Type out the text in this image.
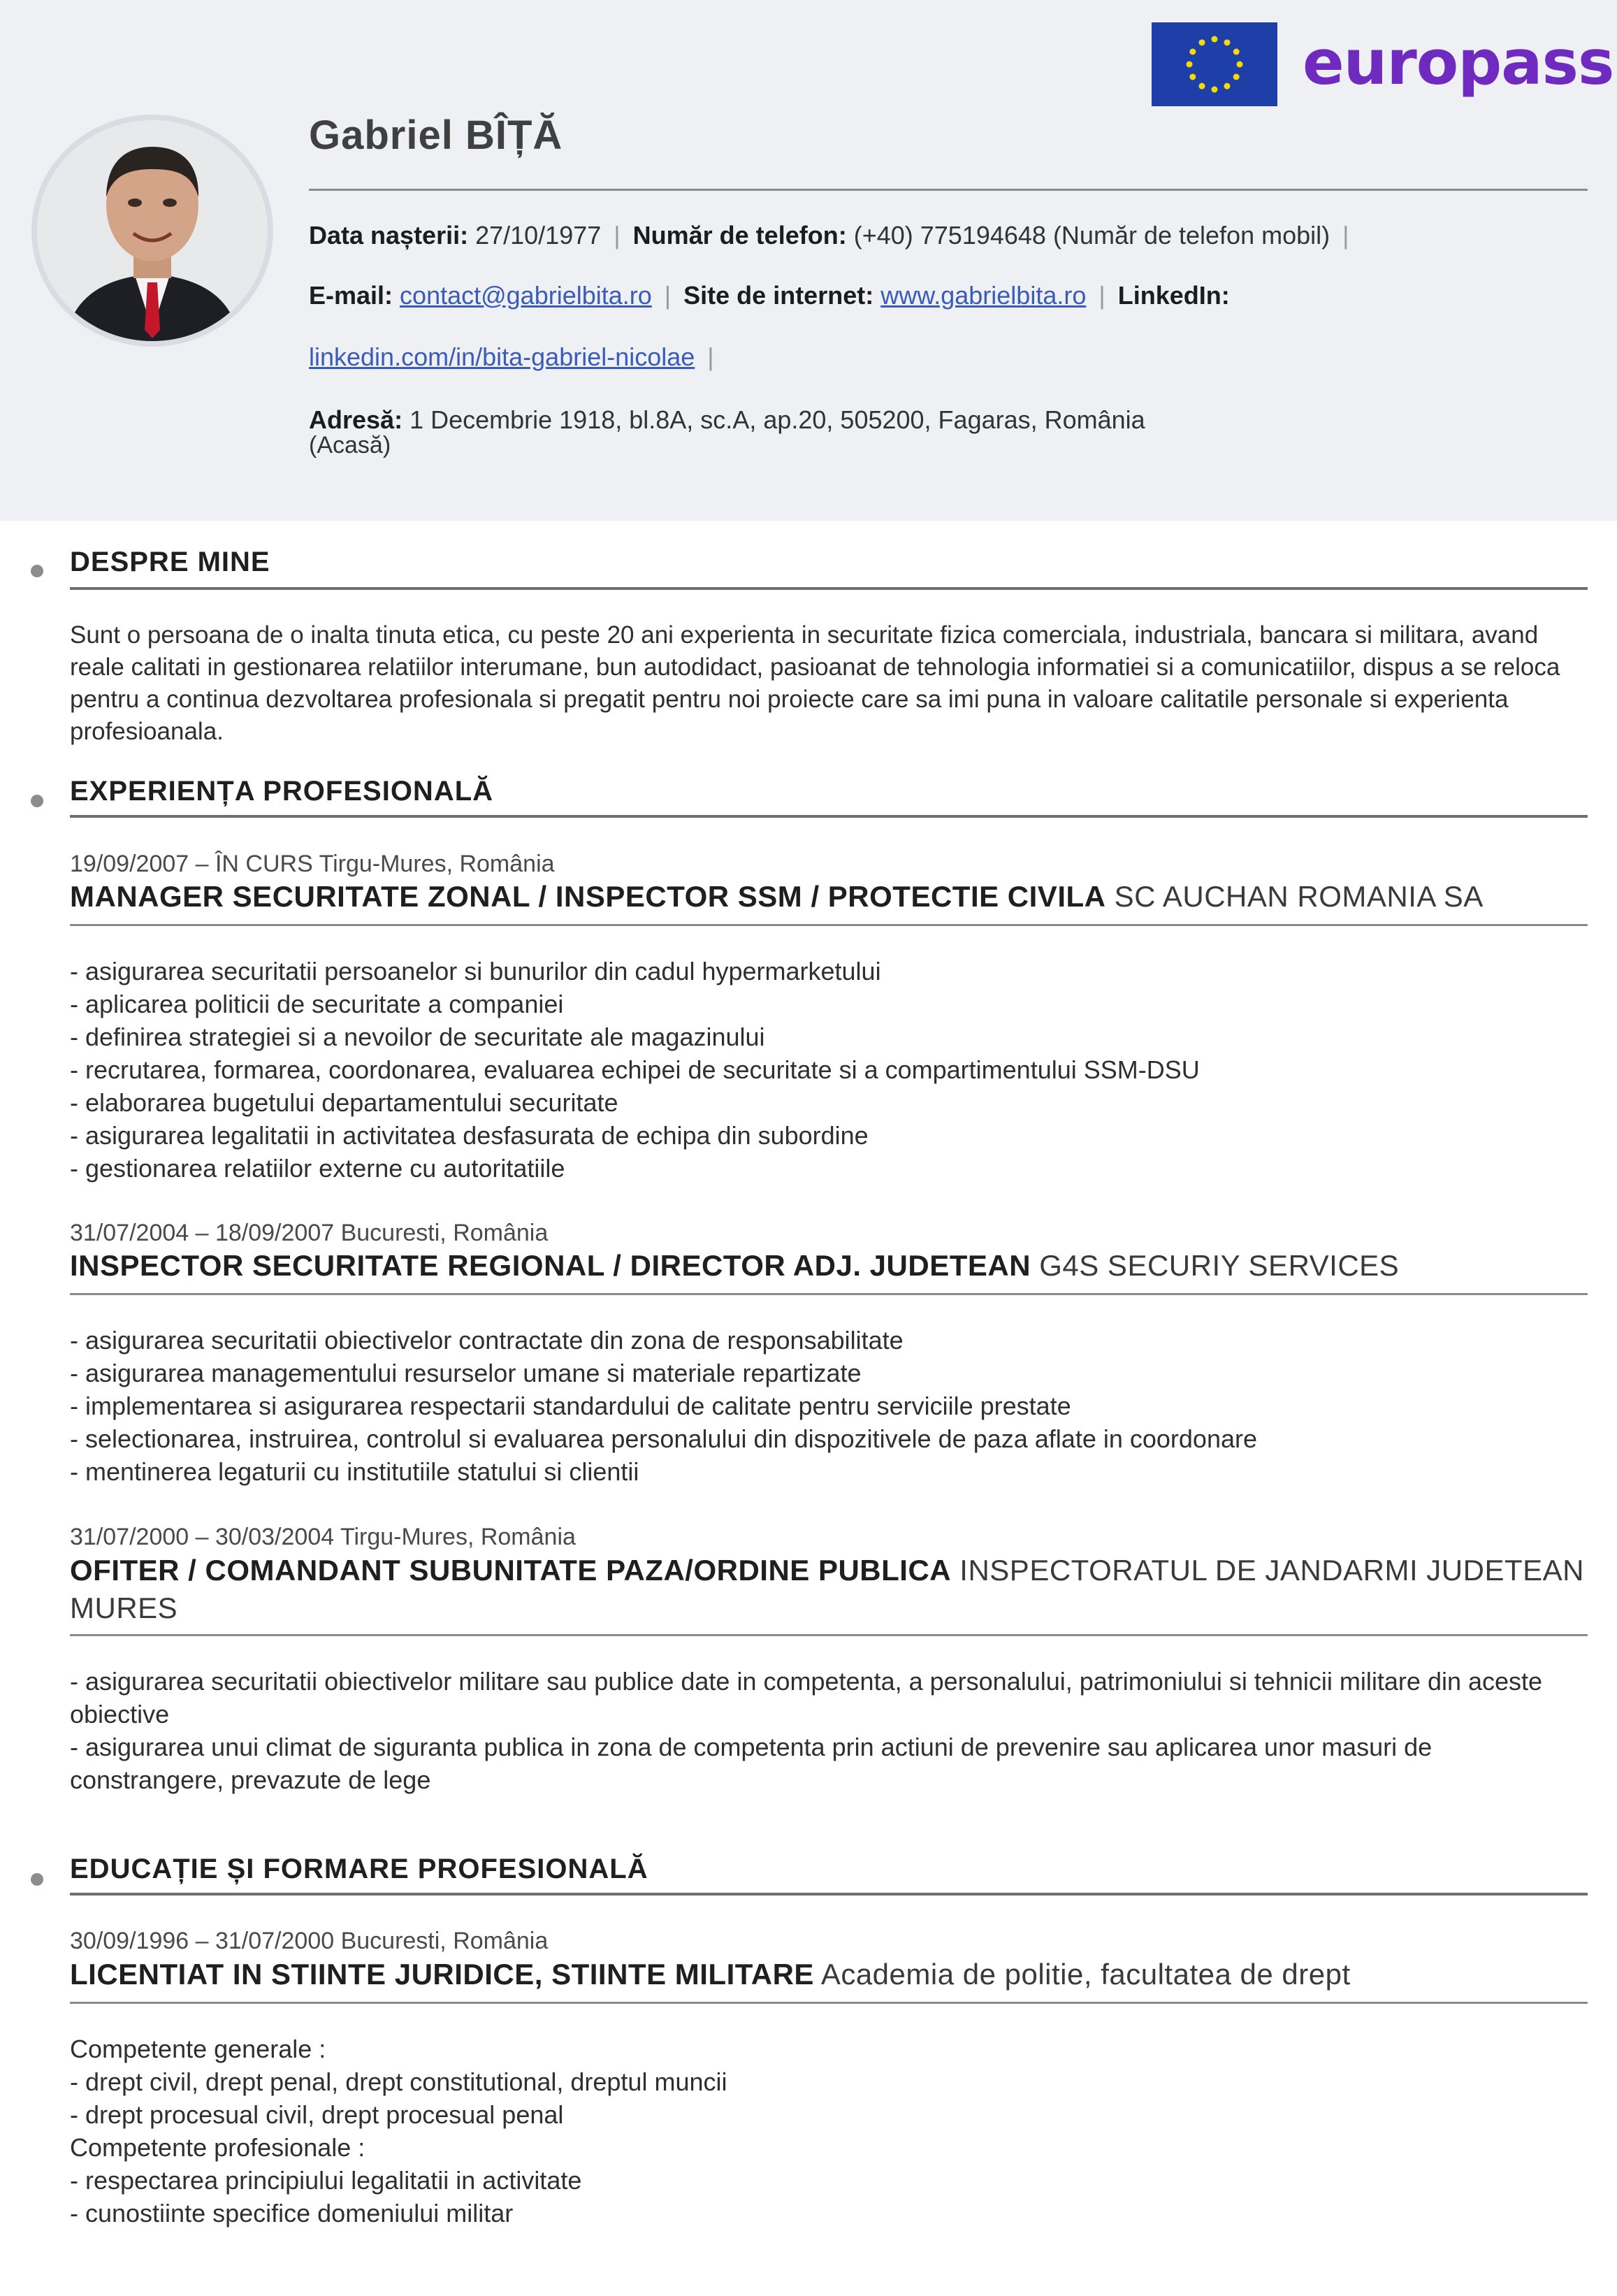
europass
Gabriel BÎȚĂ
Data nașterii: 27/10/1977 | Număr de telefon: (+40) 775194648 (Număr de telefon mobil) |
E-mail: contact@gabrielbita.ro | Site de internet: www.gabrielbita.ro | LinkedIn:
linkedin.com/in/bita-gabriel-nicolae |
Adresă: 1 Decembrie 1918, bl.8A, sc.A, ap.20, 505200, Fagaras, România
(Acasă)
DESPRE MINE
Sunt o persoana de o inalta tinuta etica, cu peste 20 ani experienta in securitate fizica comerciala, industriala, bancara si militara, avand reale calitati in gestionarea relatiilor interumane, bun autodidact, pasioanat de tehnologia informatiei si a comunicatiilor, dispus a se reloca pentru a continua dezvoltarea profesionala si pregatit pentru noi proiecte care sa imi puna in valoare calitatile personale si experienta profesioanala.
EXPERIENȚA PROFESIONALĂ
19/09/2007 – ÎN CURS Tirgu-Mures, România
MANAGER SECURITATE ZONAL / INSPECTOR SSM / PROTECTIE CIVILA SC AUCHAN ROMANIA SA
- asigurarea securitatii persoanelor si bunurilor din cadul hypermarketului
- aplicarea politicii de securitate a companiei
- definirea strategiei si a nevoilor de securitate ale magazinului
- recrutarea, formarea, coordonarea, evaluarea echipei de securitate si a compartimentului SSM-DSU
- elaborarea bugetului departamentului securitate
- asigurarea legalitatii in activitatea desfasurata de echipa din subordine
- gestionarea relatiilor externe cu autoritatiile
31/07/2004 – 18/09/2007 Bucuresti, România
INSPECTOR SECURITATE REGIONAL / DIRECTOR ADJ. JUDETEAN G4S SECURIY SERVICES
- asigurarea securitatii obiectivelor contractate din zona de responsabilitate
- asigurarea managementului resurselor umane si materiale repartizate
- implementarea si asigurarea respectarii standardului de calitate pentru serviciile prestate
- selectionarea, instruirea, controlul si evaluarea personalului din dispozitivele de paza aflate in coordonare
- mentinerea legaturii cu institutiile statului si clientii
31/07/2000 – 30/03/2004 Tirgu-Mures, România
OFITER / COMANDANT SUBUNITATE PAZA/ORDINE PUBLICA INSPECTORATUL DE JANDARMI JUDETEAN MURES
- asigurarea securitatii obiectivelor militare sau publice date in competenta, a personalului, patrimoniului si tehnicii militare din aceste obiective
- asigurarea unui climat de siguranta publica in zona de competenta prin actiuni de prevenire sau aplicarea unor masuri de constrangere, prevazute de lege
EDUCAȚIE ȘI FORMARE PROFESIONALĂ
30/09/1996 – 31/07/2000 Bucuresti, România
LICENTIAT IN STIINTE JURIDICE, STIINTE MILITARE Academia de politie, facultatea de drept
Competente generale :
- drept civil, drept penal, drept constitutional, dreptul muncii
- drept procesual civil, drept procesual penal
Competente profesionale :
- respectarea principiului legalitatii in activitate
- cunostiinte specifice domeniului militar
